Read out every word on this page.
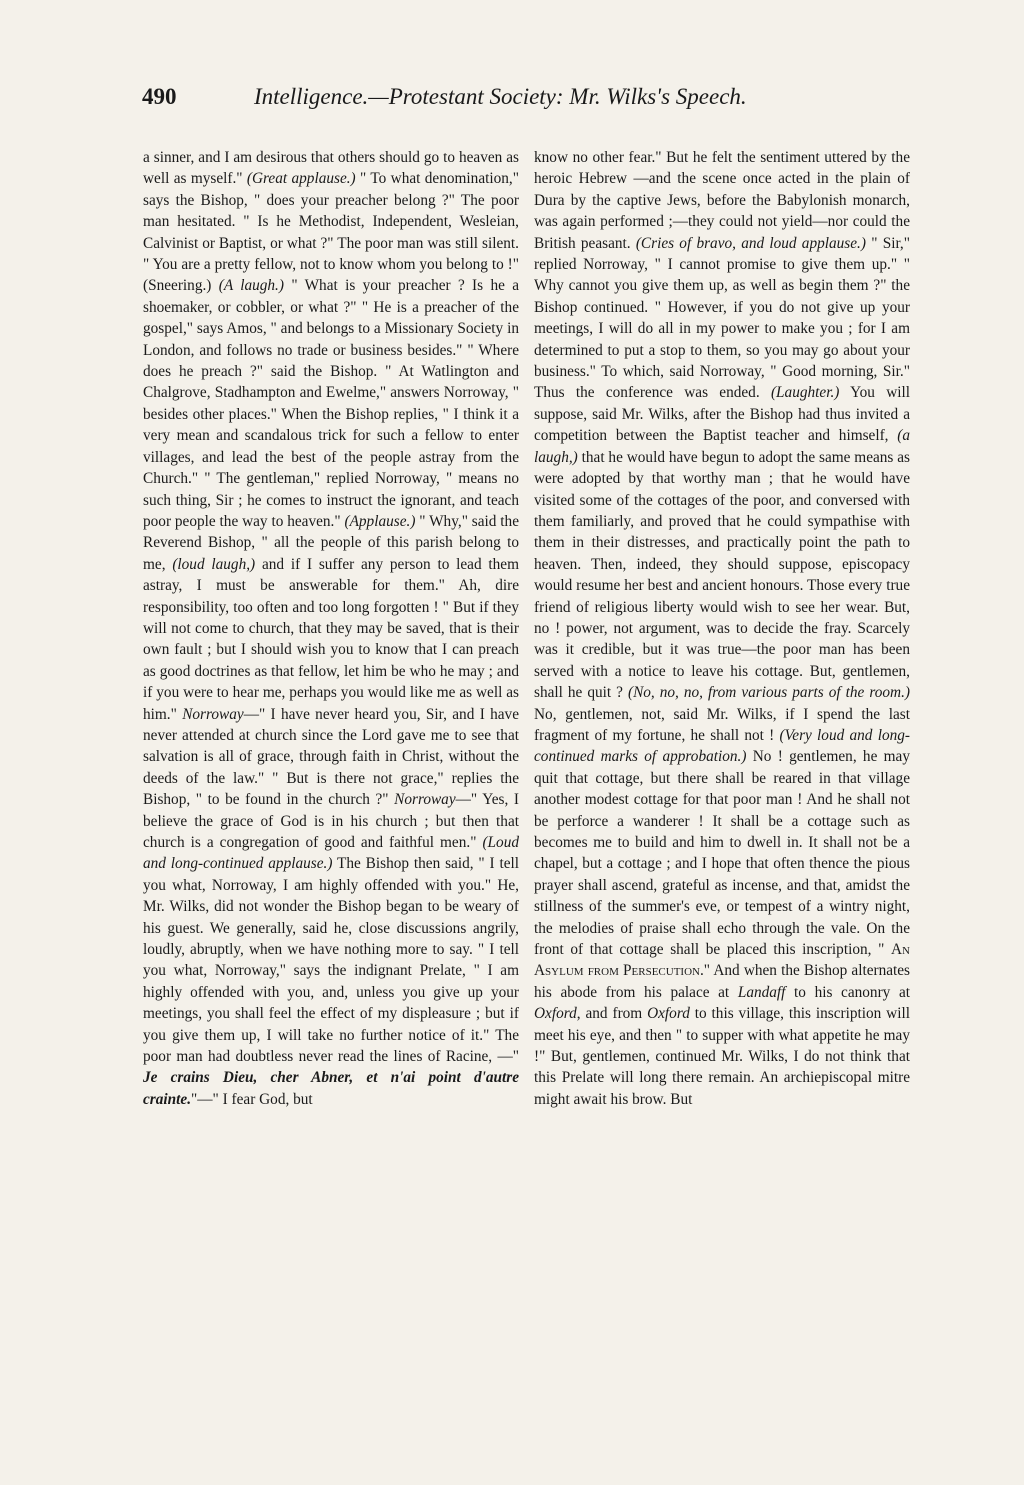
490	Intelligence.—Protestant Society: Mr. Wilks's Speech.

a sinner, and I am desirous that others should go to heaven as well as myself." (Great applause.) " To what denomination," says the Bishop, " does your preacher belong ?" The poor man hesitated. " Is he Methodist, Independent, Wesleian, Calvinist or Baptist, or what ?" The poor man was still silent. " You are a pretty fellow, not to know whom you belong to !" (Sneering.) (A laugh.) " What is your preacher ? Is he a shoemaker, or cobbler, or what ?" " He is a preacher of the gospel," says Amos, " and belongs to a Missionary Society in London, and follows no trade or business besides." " Where does he preach ?" said the Bishop. " At Watlington and Chalgrove, Stadhampton and Ewelme," answers Norroway, " besides other places." When the Bishop replies, " I think it a very mean and scandalous trick for such a fellow to enter villages, and lead the best of the people astray from the Church." " The gentleman," replied Norroway, " means no such thing, Sir ; he comes to instruct the ignorant, and teach poor people the way to heaven." (Applause.) " Why," said the Reverend Bishop, " all the people of this parish belong to me, (loud laugh,) and if I suffer any person to lead them astray, I must be answerable for them." Ah, dire responsibility, too often and too long forgotten ! " But if they will not come to church, that they may be saved, that is their own fault ; but I should wish you to know that I can preach as good doctrines as that fellow, let him be who he may ; and if you were to hear me, perhaps you would like me as well as him." Norroway—" I have never heard you, Sir, and I have never attended at church since the Lord gave me to see that salvation is all of grace, through faith in Christ, without the deeds of the law." " But is there not grace," replies the Bishop, " to be found in the church ?" Norroway—" Yes, I believe the grace of God is in his church ; but then that church is a congregation of good and faithful men." (Loud and long-continued applause.) The Bishop then said, " I tell you what, Norroway, I am highly offended with you." He, Mr. Wilks, did not wonder the Bishop began to be weary of his guest. We generally, said he, close discussions angrily, loudly, abruptly, when we have nothing more to say. " I tell you what, Norroway," says the indignant Prelate, " I am highly offended with you, and, unless you give up your meetings, you shall feel the effect of my displeasure ; but if you give them up, I will take no further notice of it." The poor man had doubtless never read the lines of Racine, —" Je crains Dieu, cher Abner, et n'ai point d'autre crainte."—" I fear God, but

know no other fear." But he felt the sentiment uttered by the heroic Hebrew —and the scene once acted in the plain of Dura by the captive Jews, before the Babylonish monarch, was again performed ;—they could not yield—nor could the British peasant. (Cries of bravo, and loud applause.) " Sir," replied Norroway, " I cannot promise to give them up." " Why cannot you give them up, as well as begin them ?" the Bishop continued. " However, if you do not give up your meetings, I will do all in my power to make you ; for I am determined to put a stop to them, so you may go about your business." To which, said Norroway, " Good morning, Sir." Thus the conference was ended. (Laughter.) You will suppose, said Mr. Wilks, after the Bishop had thus invited a competition between the Baptist teacher and himself, (a laugh,) that he would have begun to adopt the same means as were adopted by that worthy man ; that he would have visited some of the cottages of the poor, and conversed with them familiarly, and proved that he could sympathise with them in their distresses, and practically point the path to heaven. Then, indeed, they should suppose, episcopacy would resume her best and ancient honours. Those every true friend of religious liberty would wish to see her wear. But, no ! power, not argument, was to decide the fray. Scarcely was it credible, but it was true—the poor man has been served with a notice to leave his cottage. But, gentlemen, shall he quit ? (No, no, no, from various parts of the room.) No, gentlemen, not, said Mr. Wilks, if I spend the last fragment of my fortune, he shall not ! (Very loud and long-continued marks of approbation.) No ! gentlemen, he may quit that cottage, but there shall be reared in that village another modest cottage for that poor man ! And he shall not be perforce a wanderer ! It shall be a cottage such as becomes me to build and him to dwell in. It shall not be a chapel, but a cottage ; and I hope that often thence the pious prayer shall ascend, grateful as incense, and that, amidst the stillness of the summer's eve, or tempest of a wintry night, the melodies of praise shall echo through the vale. On the front of that cottage shall be placed this inscription, " An Asylum from Persecution." And when the Bishop alternates his abode from his palace at Landaff to his canonry at Oxford, and from Oxford to this village, this inscription will meet his eye, and then " to supper with what appetite he may !" But, gentlemen, continued Mr. Wilks, I do not think that this Prelate will long there remain. An archiepiscopal mitre might await his brow. But
